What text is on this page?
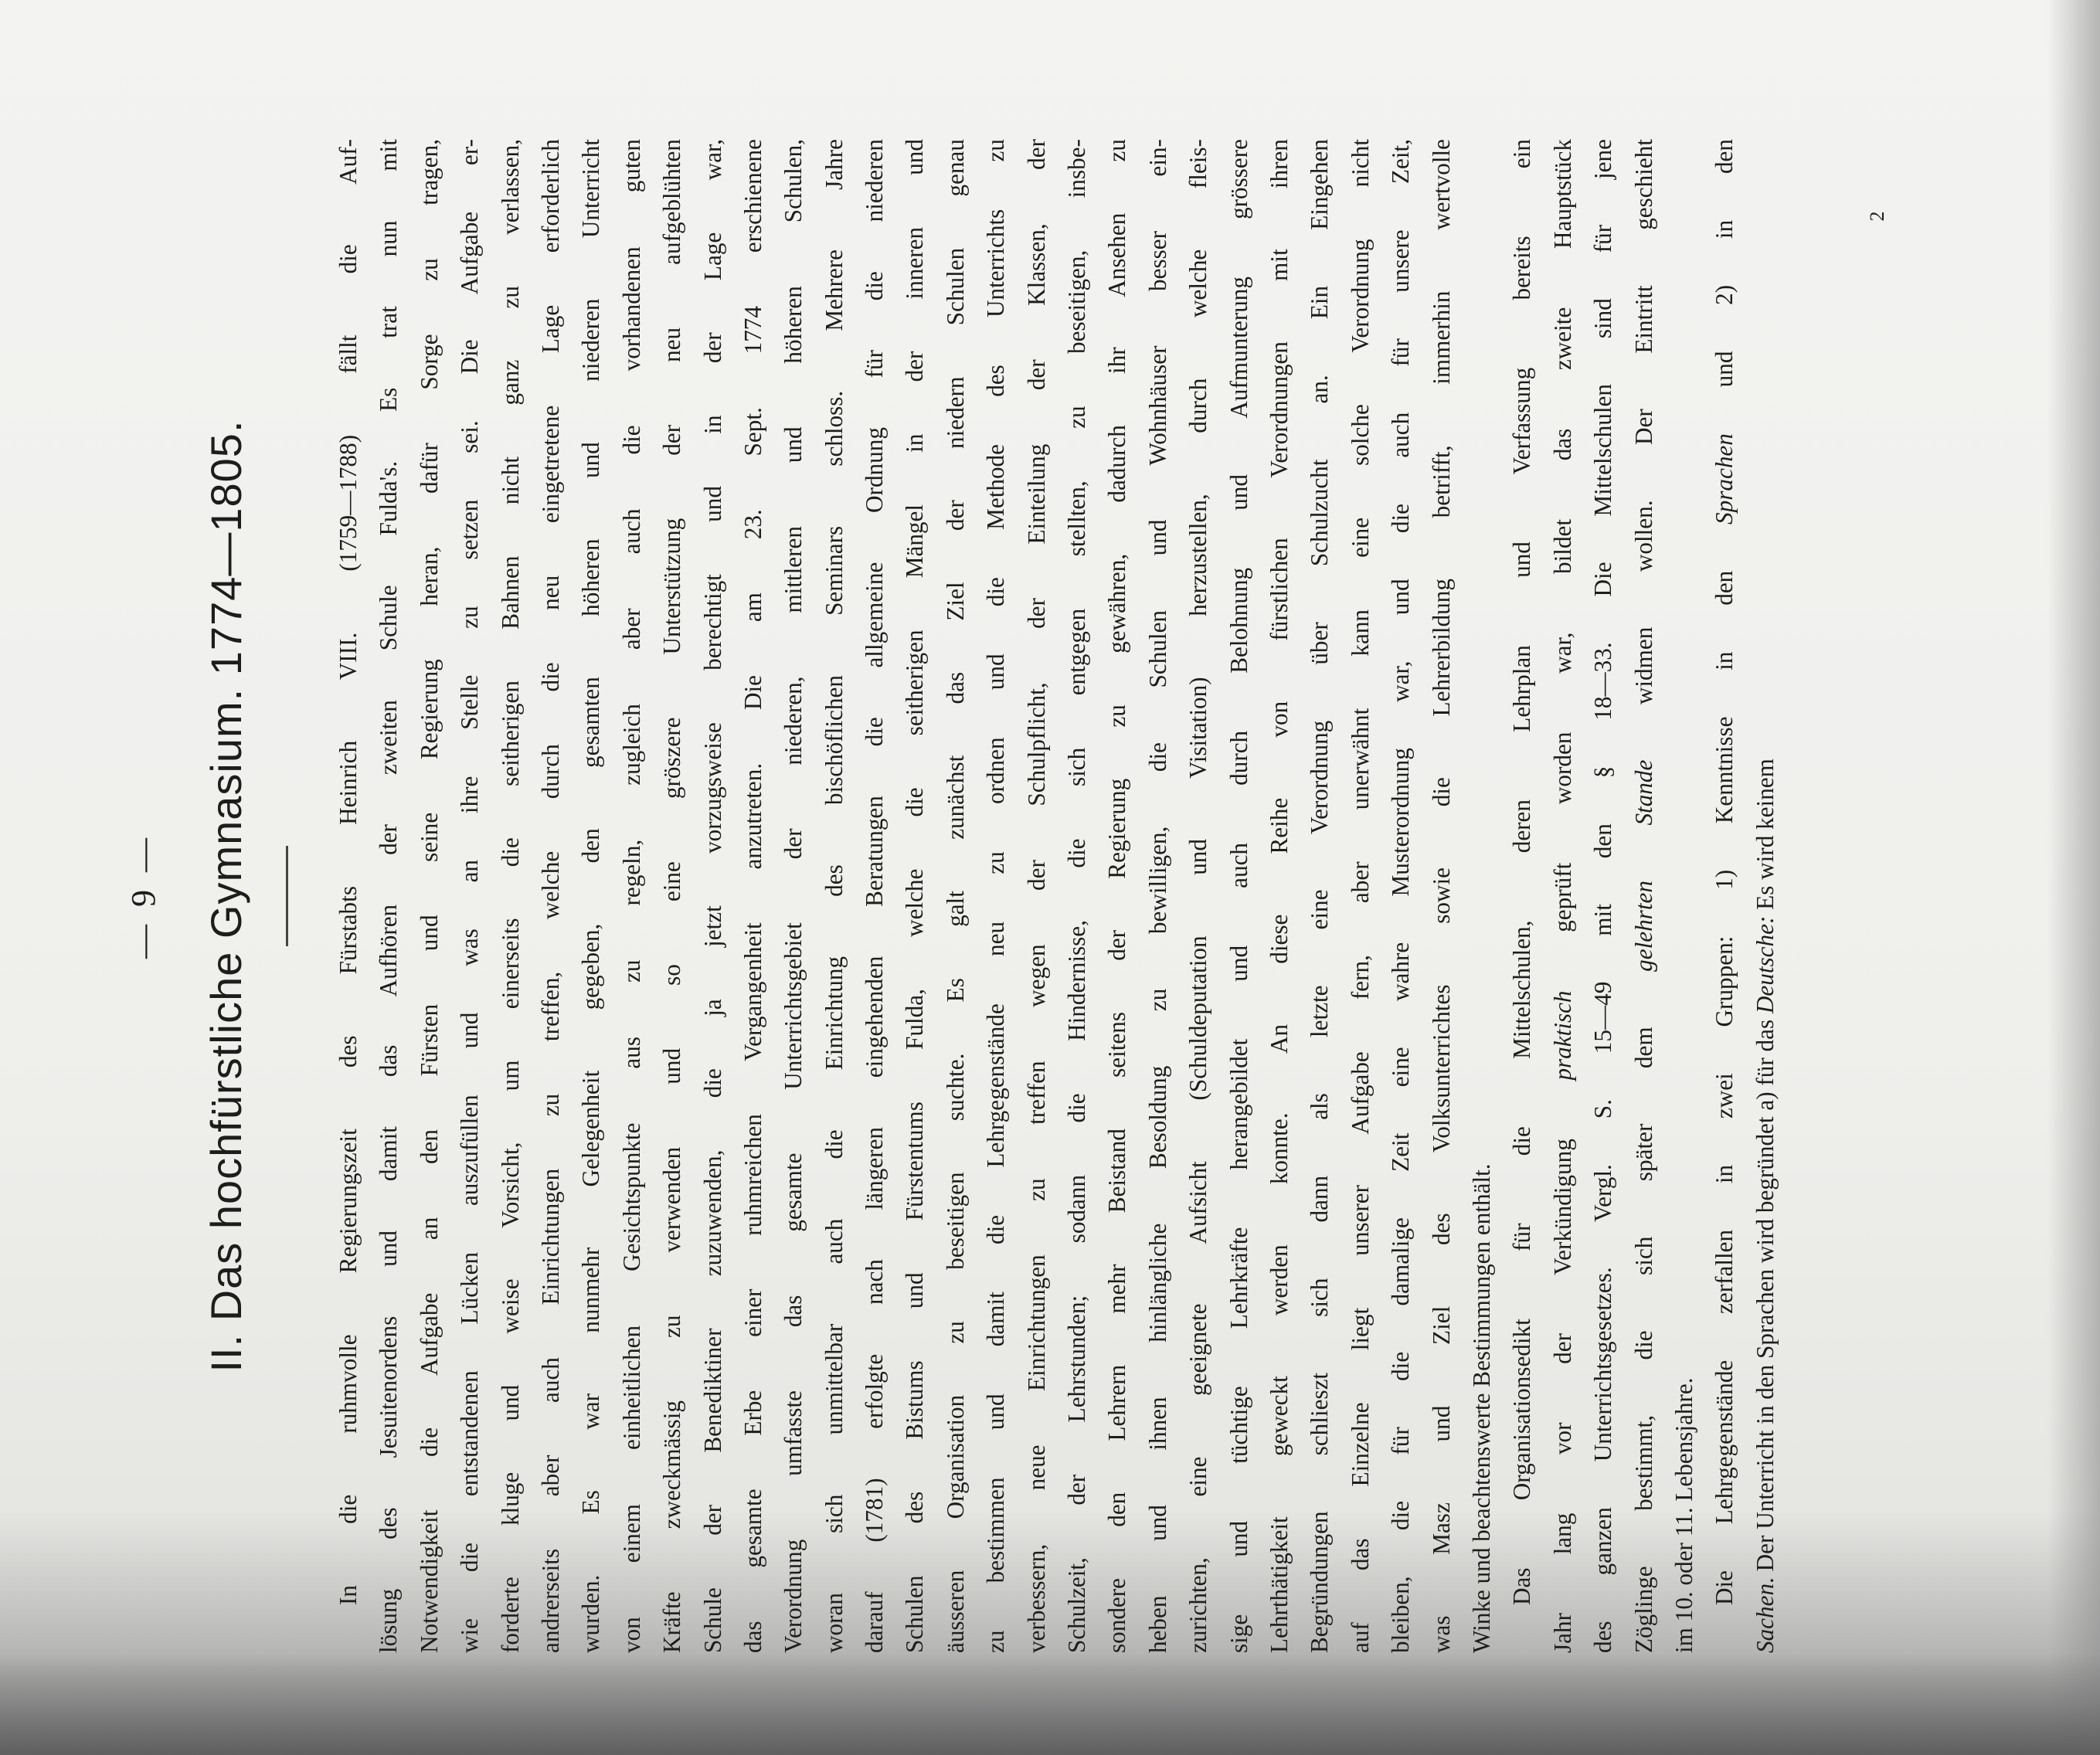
— 9 — II. Das hochfürstliche Gymnasium. 1774—1805.	In die ruhmvolle Regierungszeit des Fürstabts Heinrich VIII. (1759—1788) fällt die Auf- lösung des Jesuitenordens und damit das Aufhören der zweiten Schule Fulda's. Es trat nun mit Notwendigkeit die Aufgabe an den Fürsten und seine Regierung heran, dafür Sorge zu tragen, wie die entstandenen Lücken auszufüllen und was an ihre Stelle zu setzen sei. Die Aufgabe er- forderte kluge und weise Vorsicht, um einerseits die seitherigen Bahnen nicht ganz zu verlassen, andrerseits aber auch Einrichtungen zu treffen, welche durch die neu eingetretene Lage erforderlich wurden. Es war nunmehr Gelegenheit gegeben, den gesamten höheren und niederen Unterricht von einem einheitlichen Gesichtspunkte aus zu regeln, zugleich aber auch die vorhandenen guten Kräfte zweckmässig zu verwenden und so eine gröszere Unterstützung der neu aufgeblühten Schule der Benediktiner zuzuwenden, die ja jetzt vorzugsweise berechtigt und in der Lage war, das gesamte Erbe einer ruhmreichen Vergangenheit anzutreten. Die am 23. Sept. 1774 erschienene Verordnung umfasste das gesamte Unterrichtsgebiet der niederen, mittleren und höheren Schulen, woran sich unmittelbar auch die Einrichtung des bischöflichen Seminars schloss. Mehrere Jahre darauf (1781) erfolgte nach längeren eingehenden Beratungen die allgemeine Ordnung für die niederen Schulen des Bistums und Fürstentums Fulda, welche die seitherigen Mängel in der inneren und äusseren Organisation zu beseitigen suchte. Es galt zunächst das Ziel der niedern Schulen genau zu bestimmen und damit die Lehrgegenstände neu zu ordnen und die Methode des Unterrichts zu verbessern, neue Einrichtungen zu treffen wegen der Schulpflicht, der Einteilung der Klassen, der Schulzeit, der Lehrstunden; sodann die Hindernisse, die sich entgegen stellten, zu beseitigen, insbe- sondere den Lehrern mehr Beistand seitens der Regierung zu gewähren, dadurch ihr Ansehen zu heben und ihnen hinlängliche Besoldung zu bewilligen, die Schulen und Wohnhäuser besser ein- zurichten, eine geeignete Aufsicht (Schuldeputation und Visitation) herzustellen, durch welche fleis- sige und tüchtige Lehrkräfte herangebildet und auch durch Belohnung und Aufmunterung grössere Lehrthätigkeit geweckt werden konnte. An diese Reihe von fürstlichen Verordnungen mit ihren Begründungen schlieszt sich dann als letzte eine Verordnung über Schulzucht an. Ein Eingehen auf das Einzelne liegt unserer Aufgabe fern, aber unerwähnt kann eine solche Verordnung nicht bleiben, die für die damalige Zeit eine wahre Musterordnung war, und die auch für unsere Zeit, was Masz und Ziel des Volksunterrichtes sowie die Lehrerbildung betrifft, immerhin wertvolle Winke und beachtenswerte Bestimmungen enthält. Das Organisationsedikt für die Mittelschulen, deren Lehrplan und Verfassung bereits ein Jahr lang vor der Verkündigung praktisch geprüft worden war, bildet das zweite Hauptstück des ganzen Unterrichtsgesetzes. Vergl. S. 15—49 mit den § 18—33. Die Mittelschulen sind für jene Zöglinge bestimmt, die sich später dem gelehrten Stande widmen wollen. Der Eintritt geschieht
im 10. oder 11. Lebensjahre. Die Lehrgegenstände zerfallen in zwei Gruppen: 1) Kenntnisse in den Sprachen und 2) in den
Sachen. Der Unterricht in den Sprachen wird begründet a) für das Deutsche: Es wird keinem
2
